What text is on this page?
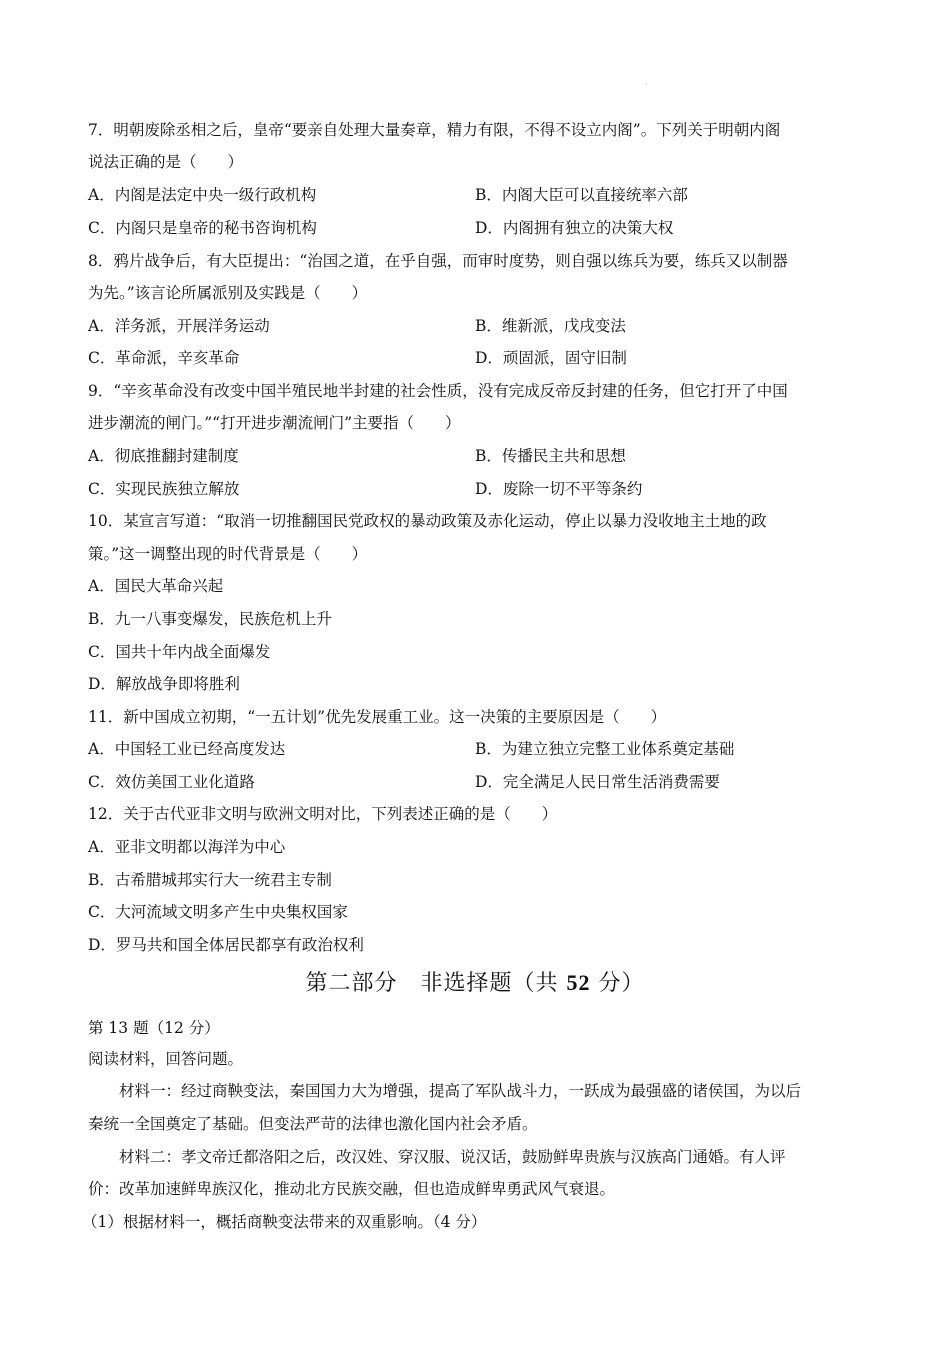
·
7．明朝废除丞相之后，皇帝“要亲自处理大量奏章，精力有限，不得不设立内阁”。下列关于明朝内阁
说法正确的是（　　）
A．内阁是法定中央一级行政机构	B．内阁大臣可以直接统率六部
C．内阁只是皇帝的秘书咨询机构	D．内阁拥有独立的决策大权
8．鸦片战争后，有大臣提出：“治国之道，在乎自强，而审时度势，则自强以练兵为要，练兵又以制器
为先。”该言论所属派别及实践是（　　）
A．洋务派，开展洋务运动	B．维新派，戊戌变法
C．革命派，辛亥革命	D．顽固派，固守旧制
9．“辛亥革命没有改变中国半殖民地半封建的社会性质，没有完成反帝反封建的任务，但它打开了中国
进步潮流的闸门。”“打开进步潮流闸门”主要指（　　）
A．彻底推翻封建制度	B．传播民主共和思想
C．实现民族独立解放	D．废除一切不平等条约
10．某宣言写道：“取消一切推翻国民党政权的暴动政策及赤化运动，停止以暴力没收地主土地的政
策。”这一调整出现的时代背景是（　　）
A．国民大革命兴起
B．九一八事变爆发，民族危机上升
C．国共十年内战全面爆发
D．解放战争即将胜利
11．新中国成立初期，“一五计划”优先发展重工业。这一决策的主要原因是（　　）
A．中国轻工业已经高度发达	B．为建立独立完整工业体系奠定基础
C．效仿美国工业化道路	D．完全满足人民日常生活消费需要
12．关于古代亚非文明与欧洲文明对比，下列表述正确的是（　　）
A．亚非文明都以海洋为中心
B．古希腊城邦实行大一统君主专制
C．大河流域文明多产生中央集权国家
D．罗马共和国全体居民都享有政治权利
第二部分　非选择题（共 52 分）
第 13 题（12 分）
阅读材料，回答问题。
材料一：经过商鞅变法，秦国国力大为增强，提高了军队战斗力，一跃成为最强盛的诸侯国，为以后
秦统一全国奠定了基础。但变法严苛的法律也激化国内社会矛盾。
材料二：孝文帝迁都洛阳之后，改汉姓、穿汉服、说汉话，鼓励鲜卑贵族与汉族高门通婚。有人评
价：改革加速鲜卑族汉化，推动北方民族交融，但也造成鲜卑勇武风气衰退。
（1）根据材料一，概括商鞅变法带来的双重影响。（4 分）
